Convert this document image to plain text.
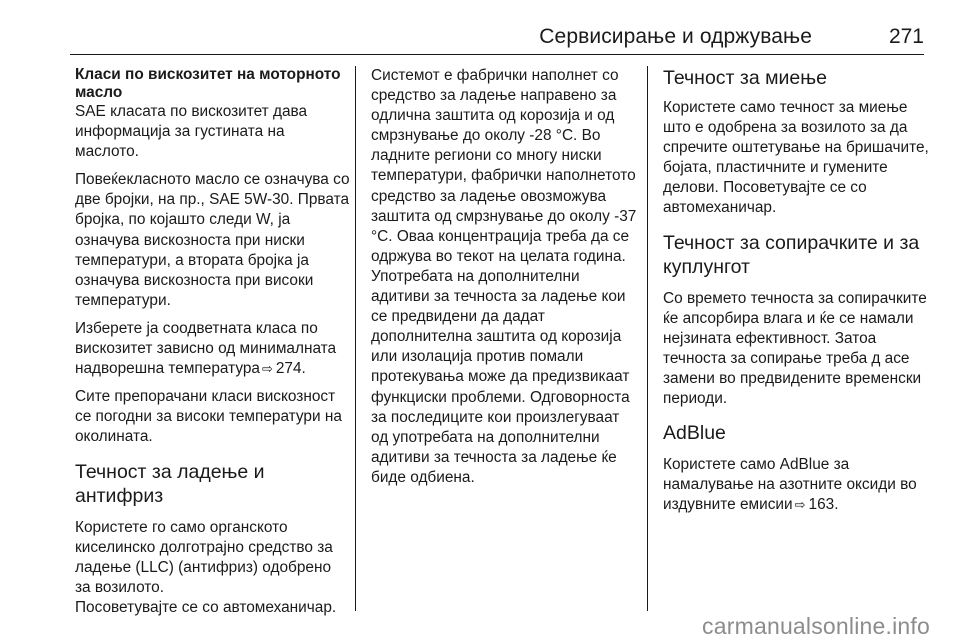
Сервисирање и одржување	271
Класи по вискозитет на моторното масло

SAE класата по вискозитет дава информација за густината на маслото.

Повеќекласното масло се означува со две бројки, на пр., SAE 5W-30. Првата бројка, по којашто следи W, ја означува вискозноста при ниски температури, а втората бројка ја означува вискозноста при високи температури.

Изберете ја соодветната класа по вискозитет зависно од минималната надворешна температура ⇨ 274.

Сите препорачани класи вискозност се погодни за високи температури на околината.

Течност за ладење и антифриз

Користете го само органското киселинско долготрајно средство за ладење (LLC) (антифриз) одобрено за возилото.

Посоветувајте се со автомеханичар.

Системот е фабрички наполнет со средство за ладење направено за одлична заштита од корозија и од смрзнување до околу -28 °C. Во ладните региони со многу ниски температури, фабрички наполнетото средство за ладење овозможува заштита од смрзнување до околу -37 °C. Оваа концентрација треба да се одржува во текот на целата година.

Употребата на дополнителни адитиви за течноста за ладење кои се предвидени да дадат дополнителна заштита од корозија или изолација против помали протекувања може да предизвикаат функциски проблеми. Одговорноста за последиците кои произлегуваат од употребата на дополнителни адитиви за течноста за ладење ќе биде одбиена.

Течност за миење

Користете само течност за миење што е одобрена за возилото за да спречите оштетување на бришачите, бојата, пластичните и гумените делови. Посоветувајте се со автомеханичар.

Течност за сопирачките и за куплунгот

Со времето течноста за сопирачките ќе апсорбира влага и ќе се намали нејзината ефективност. Затоа течноста за сопирање треба д асе замени во предвидените временски периоди.

AdBlue

Користете само AdBlue за намалување на азотните оксиди во издувните емисии ⇨ 163.

carmanualsonline.info
